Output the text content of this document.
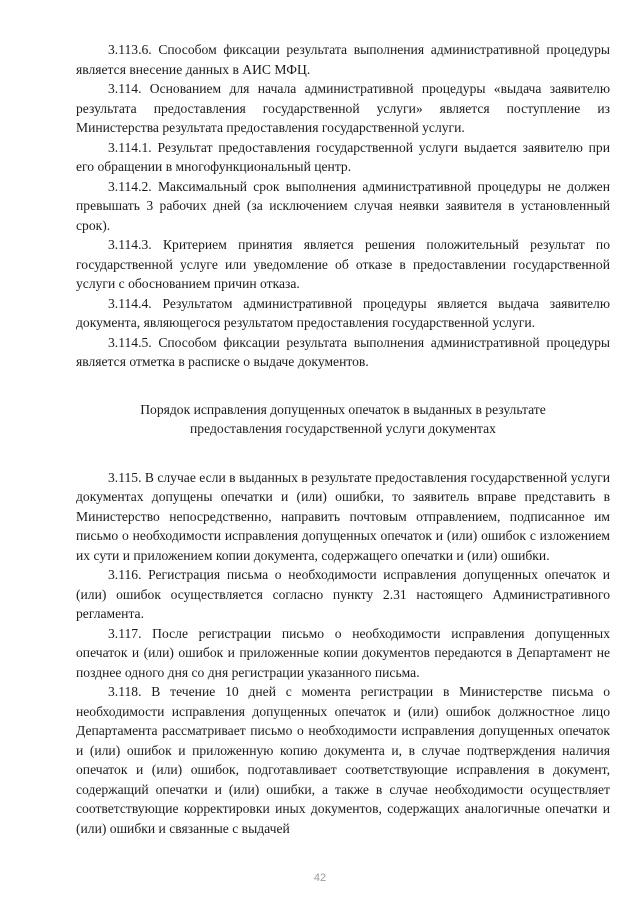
3.113.6. Способом фиксации результата выполнения административной процедуры является внесение данных в АИС МФЦ.

3.114. Основанием для начала административной процедуры «выдача заявителю результата предоставления государственной услуги» является поступление из Министерства результата предоставления государственной услуги.

3.114.1. Результат предоставления государственной услуги выдается заявителю при его обращении в многофункциональный центр.

3.114.2. Максимальный срок выполнения административной процедуры не должен превышать 3 рабочих дней (за исключением случая неявки заявителя в установленный срок).

3.114.3. Критерием принятия является решения положительный результат по государственной услуге или уведомление об отказе в предоставлении государственной услуги с обоснованием причин отказа.

3.114.4. Результатом административной процедуры является выдача заявителю документа, являющегося результатом предоставления государственной услуги.

3.114.5. Способом фиксации результата выполнения административной процедуры является отметка в расписке о выдаче документов.

Порядок исправления допущенных опечаток в выданных в результате
предоставления государственной услуги документах

3.115. В случае если в выданных в результате предоставления государственной услуги документах допущены опечатки и (или) ошибки, то заявитель вправе представить в Министерство непосредственно, направить почтовым отправлением, подписанное им письмо о необходимости исправления допущенных опечаток и (или) ошибок с изложением их сути и приложением копии документа, содержащего опечатки и (или) ошибки.

3.116. Регистрация письма о необходимости исправления допущенных опечаток и (или) ошибок осуществляется согласно пункту 2.31 настоящего Административного регламента.

3.117. После регистрации письмо о необходимости исправления допущенных опечаток и (или) ошибок и приложенные копии документов передаются в Департамент не позднее одного дня со дня регистрации указанного письма.

3.118. В течение 10 дней с момента регистрации в Министерстве письма о необходимости исправления допущенных опечаток и (или) ошибок должностное лицо Департамента рассматривает письмо о необходимости исправления допущенных опечаток и (или) ошибок и приложенную копию документа и, в случае подтверждения наличия опечаток и (или) ошибок, подготавливает соответствующие исправления в документ, содержащий опечатки и (или) ошибки, а также в случае необходимости осуществляет соответствующие корректировки иных документов, содержащих аналогичные опечатки и (или) ошибки и связанные с выдачей

42
